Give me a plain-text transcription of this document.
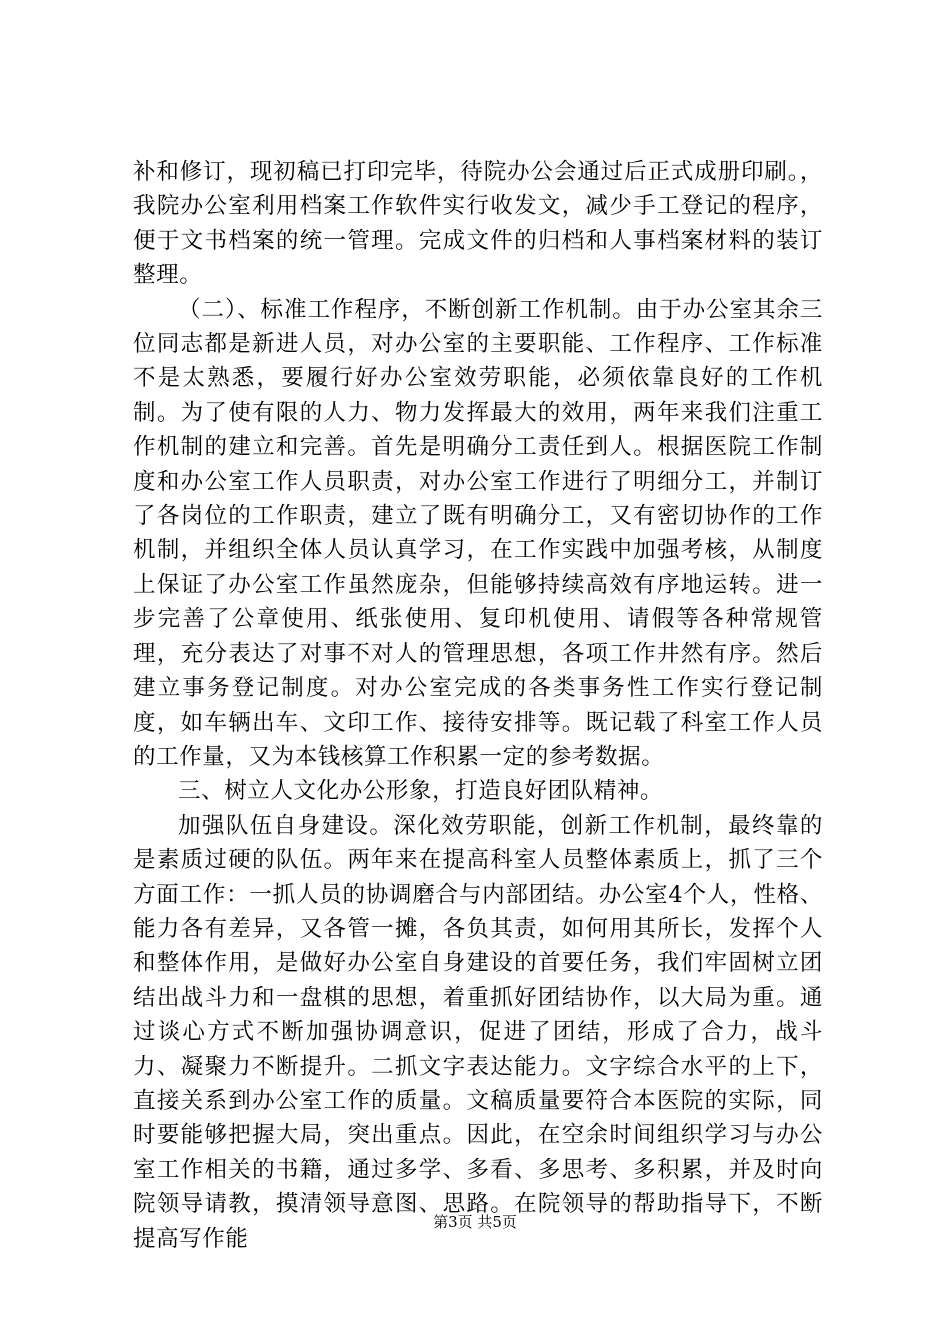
补和修订，现初稿已打印完毕，待院办公会通过后正式成册印刷。，我院办公室利用档案工作软件实行收发文，减少手工登记的程序，便于文书档案的统一管理。完成文件的归档和人事档案材料的装订整理。

（二）、标准工作程序，不断创新工作机制。由于办公室其余三位同志都是新进人员，对办公室的主要职能、工作程序、工作标准不是太熟悉，要履行好办公室效劳职能，必须依靠良好的工作机制。为了使有限的人力、物力发挥最大的效用，两年来我们注重工作机制的建立和完善。首先是明确分工责任到人。根据医院工作制度和办公室工作人员职责，对办公室工作进行了明细分工，并制订了各岗位的工作职责，建立了既有明确分工，又有密切协作的工作机制，并组织全体人员认真学习，在工作实践中加强考核，从制度上保证了办公室工作虽然庞杂，但能够持续高效有序地运转。进一步完善了公章使用、纸张使用、复印机使用、请假等各种常规管理，充分表达了对事不对人的管理思想，各项工作井然有序。然后建立事务登记制度。对办公室完成的各类事务性工作实行登记制度，如车辆出车、文印工作、接待安排等。既记载了科室工作人员的工作量，又为本钱核算工作积累一定的参考数据。

三、树立人文化办公形象，打造良好团队精神。

加强队伍自身建设。深化效劳职能，创新工作机制，最终靠的是素质过硬的队伍。两年来在提高科室人员整体素质上，抓了三个方面工作：一抓人员的协调磨合与内部团结。办公室4个人，性格、能力各有差异，又各管一摊，各负其责，如何用其所长，发挥个人和整体作用，是做好办公室自身建设的首要任务，我们牢固树立团结出战斗力和一盘棋的思想，着重抓好团结协作，以大局为重。通过谈心方式不断加强协调意识，促进了团结，形成了合力，战斗力、凝聚力不断提升。二抓文字表达能力。文字综合水平的上下，直接关系到办公室工作的质量。文稿质量要符合本医院的实际，同时要能够把握大局，突出重点。因此，在空余时间组织学习与办公室工作相关的书籍，通过多学、多看、多思考、多积累，并及时向院领导请教，摸清领导意图、思路。在院领导的帮助指导下，不断提高写作能

第3页 共5页
